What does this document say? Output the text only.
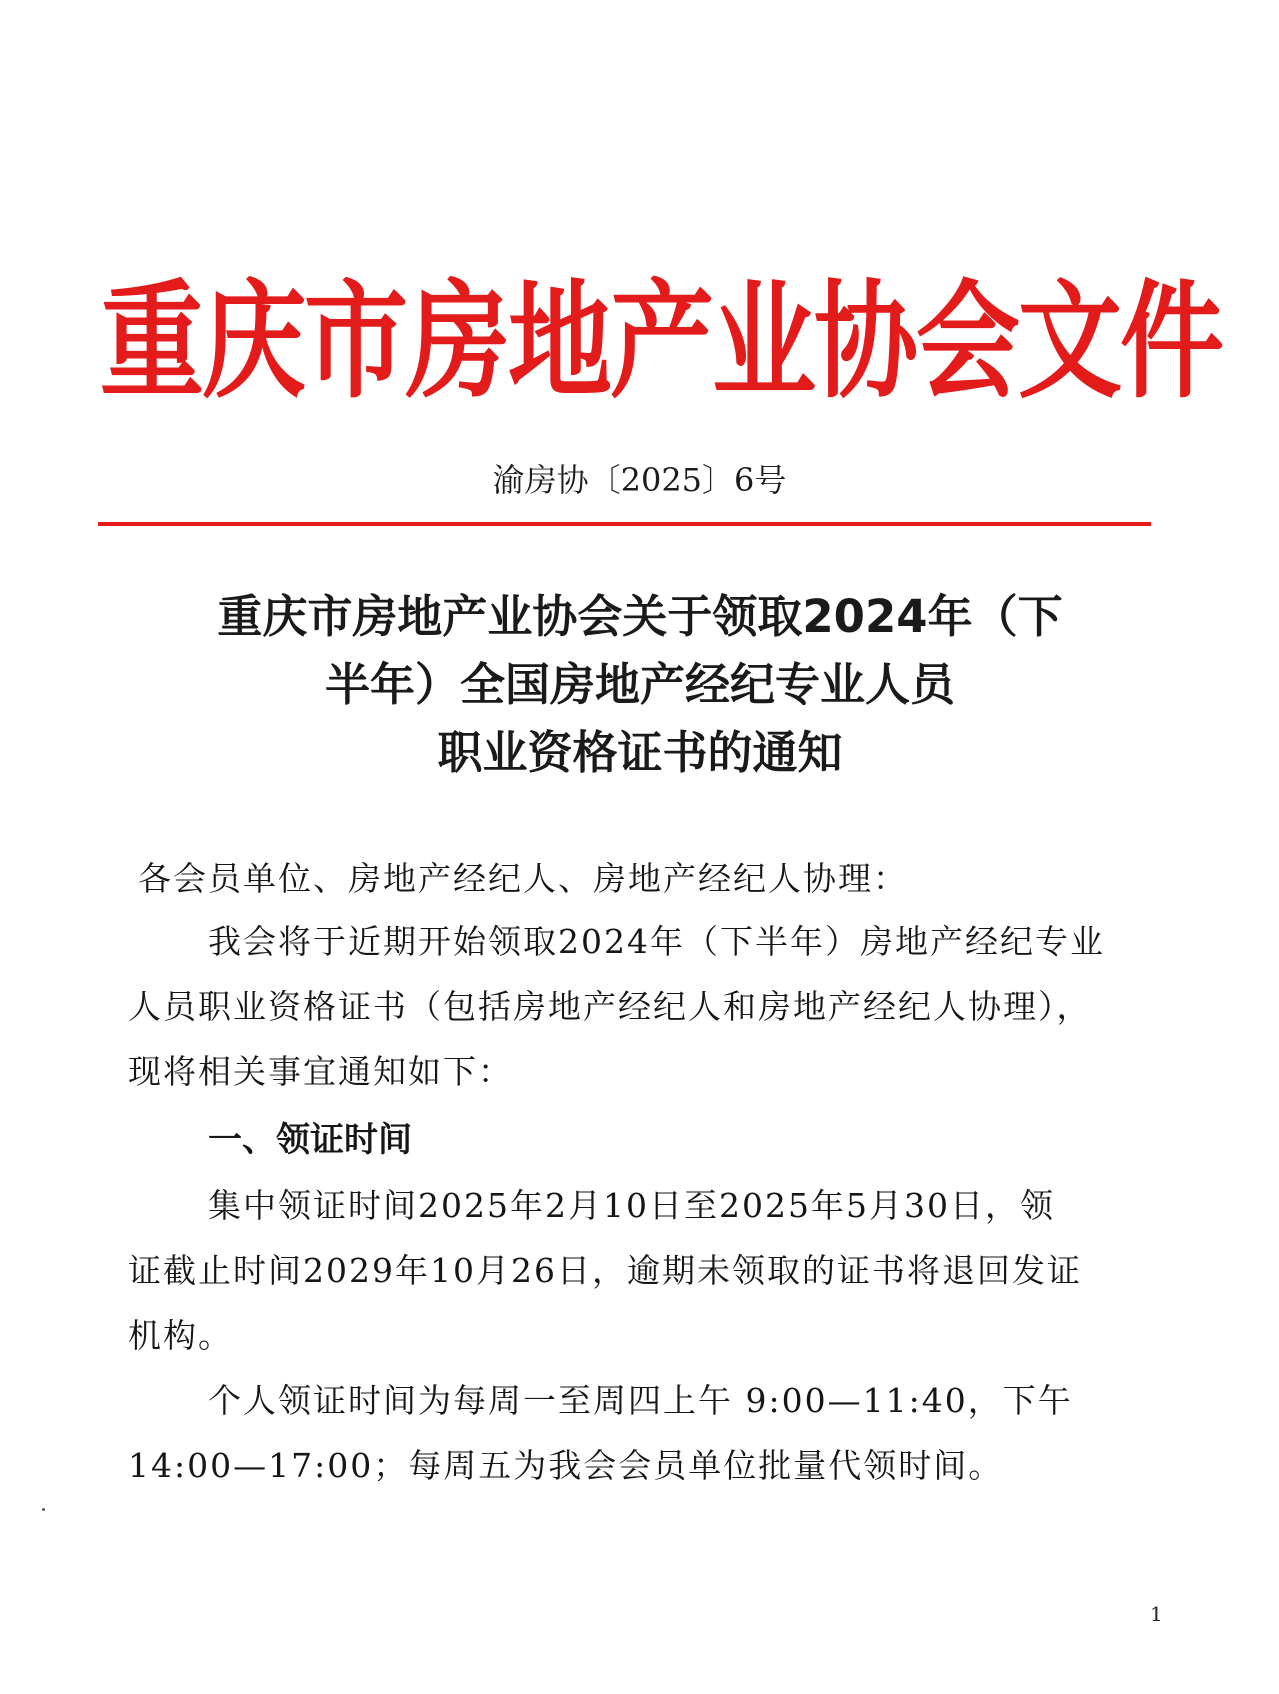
重庆市房地产业协会文件
渝房协〔2025〕6号
重庆市房地产业协会关于领取2024年（下
半年）全国房地产经纪专业人员
职业资格证书的通知
各会员单位、房地产经纪人、房地产经纪人协理：
我会将于近期开始领取2024年（下半年）房地产经纪专业
人员职业资格证书（包括房地产经纪人和房地产经纪人协理），
现将相关事宜通知如下：
一、领证时间
集中领证时间2025年2月10日至2025年5月30日，领
证截止时间2029年10月26日，逾期未领取的证书将退回发证
机构。
个人领证时间为每周一至周四上午 9:00—11:40，下午
14:00—17:00；每周五为我会会员单位批量代领时间。
1
